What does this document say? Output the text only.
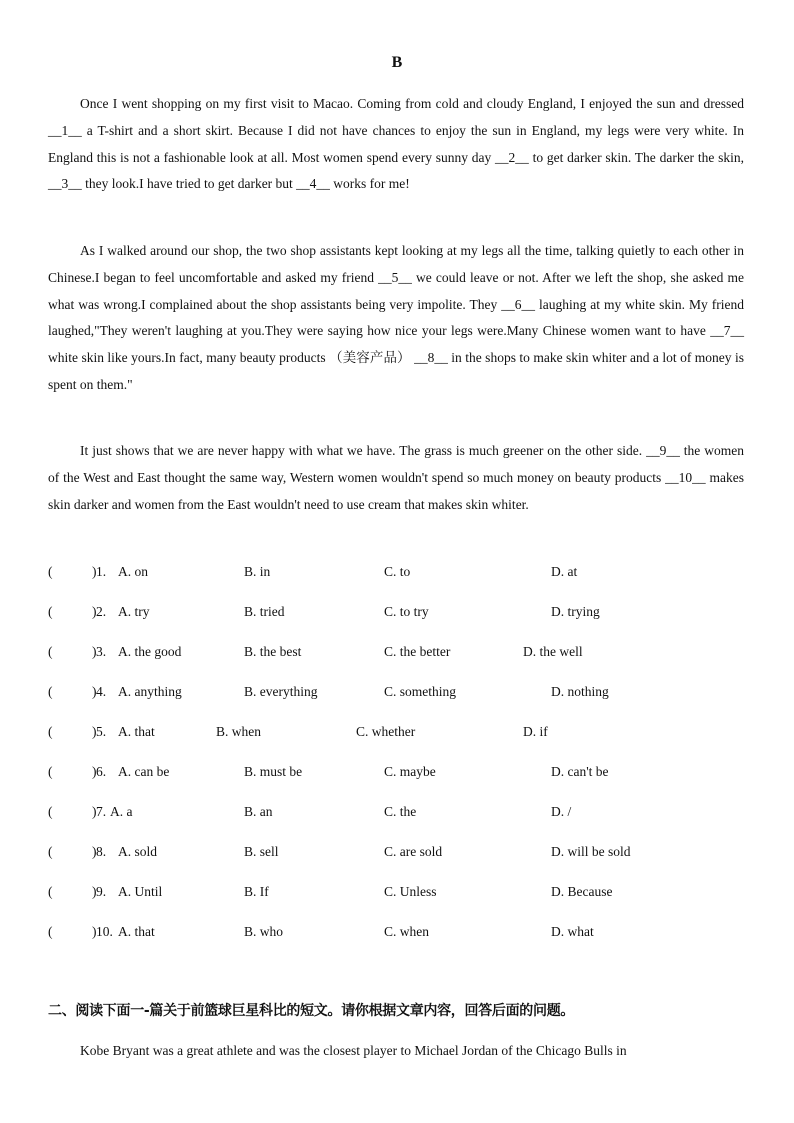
B

Once I went shopping on my first visit to Macao. Coming from cold and cloudy England, I enjoyed the sun and dressed __1__ a T-shirt and a short skirt. Because I did not have chances to enjoy the sun in England, my legs were very white. In England this is not a fashionable look at all. Most women spend every sunny day __2__ to get darker skin. The darker the skin, __3__ they look.I have tried to get darker but __4__ works for me!

As I walked around our shop, the two shop assistants kept looking at my legs all the time, talking quietly to each other in Chinese.I began to feel uncomfortable and asked my friend __5__ we could leave or not. After we left the shop, she asked me what was wrong.I complained about the shop assistants being very impolite. They __6__ laughing at my white skin. My friend laughed,"They weren't laughing at you.They were saying how nice your legs were.Many Chinese women want to have __7__ white skin like yours.In fact, many beauty products （美容产品） __8__ in the shops to make skin whiter and a lot of money is spent on them."

It just shows that we are never happy with what we have. The grass is much greener on the other side. __9__ the women of the West and East thought the same way, Western women wouldn't spend so much money on beauty products __10__ makes skin darker and women from the East wouldn't need to use cream that makes skin whiter.

(	) 1. A. on	B. in	C. to	D. at
(	) 2. A. try	B. tried	C. to try	D. trying
(	) 3. A. the good	B. the best	C. the better	D. the well
(	) 4. A. anything	B. everything	C. something	D. nothing
(	) 5. A. that	B. when	C. whether	D. if
(	) 6. A. can be	B. must be	C. maybe	D. can't be
(	) 7. A. a	B. an	C. the	D. /
(	) 8. A. sold	B. sell	C. are sold	D. will be sold
(	) 9. A. Until	B. If	C. Unless	D. Because
(	) 10. A. that	B. who	C. when	D. what
二、阅读下面一-篇关于前篮球巨星科比的短文。请你根据文章内容，回答后面的问题。

Kobe Bryant was a great athlete and was the closest player to Michael Jordan of the Chicago Bulls in
